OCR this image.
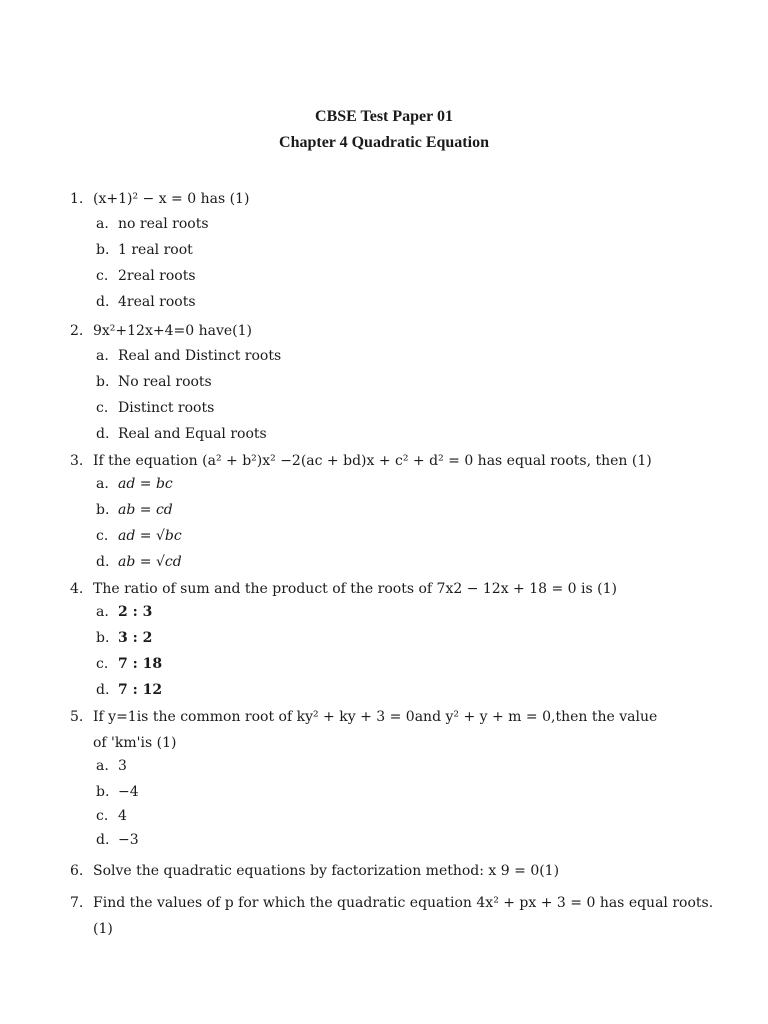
CBSE Test Paper 01
Chapter 4 Quadratic Equation
1. (x+1)² − x = 0 has (1)
a. no real roots
b. 1 real root
c. 2real roots
d. 4real roots
2. 9x²+12x+4=0 have(1)
a. Real and Distinct roots
b. No real roots
c. Distinct roots
d. Real and Equal roots
3. If the equation (a² + b²)x² −2(ac + bd)x + c² + d² = 0 has equal roots, then (1)
a. ad = bc
b. ab = cd
c. ad = √bc
d. ab = √cd
4. The ratio of sum and the product of the roots of 7x2 − 12x + 18 = 0 is (1)
a. 2 : 3
b. 3 : 2
c. 7 : 18
d. 7 : 12
5. If y=1is the common root of ky² + ky + 3 = 0and y² + y + m = 0,then the value
of 'km'is (1)
a. 3
b. −4
c. 4
d. −3
6. Solve the quadratic equations by factorization method: x 9 = 0(1)
7. Find the values of p for which the quadratic equation 4x² + px + 3 = 0 has equal roots.
(1)
